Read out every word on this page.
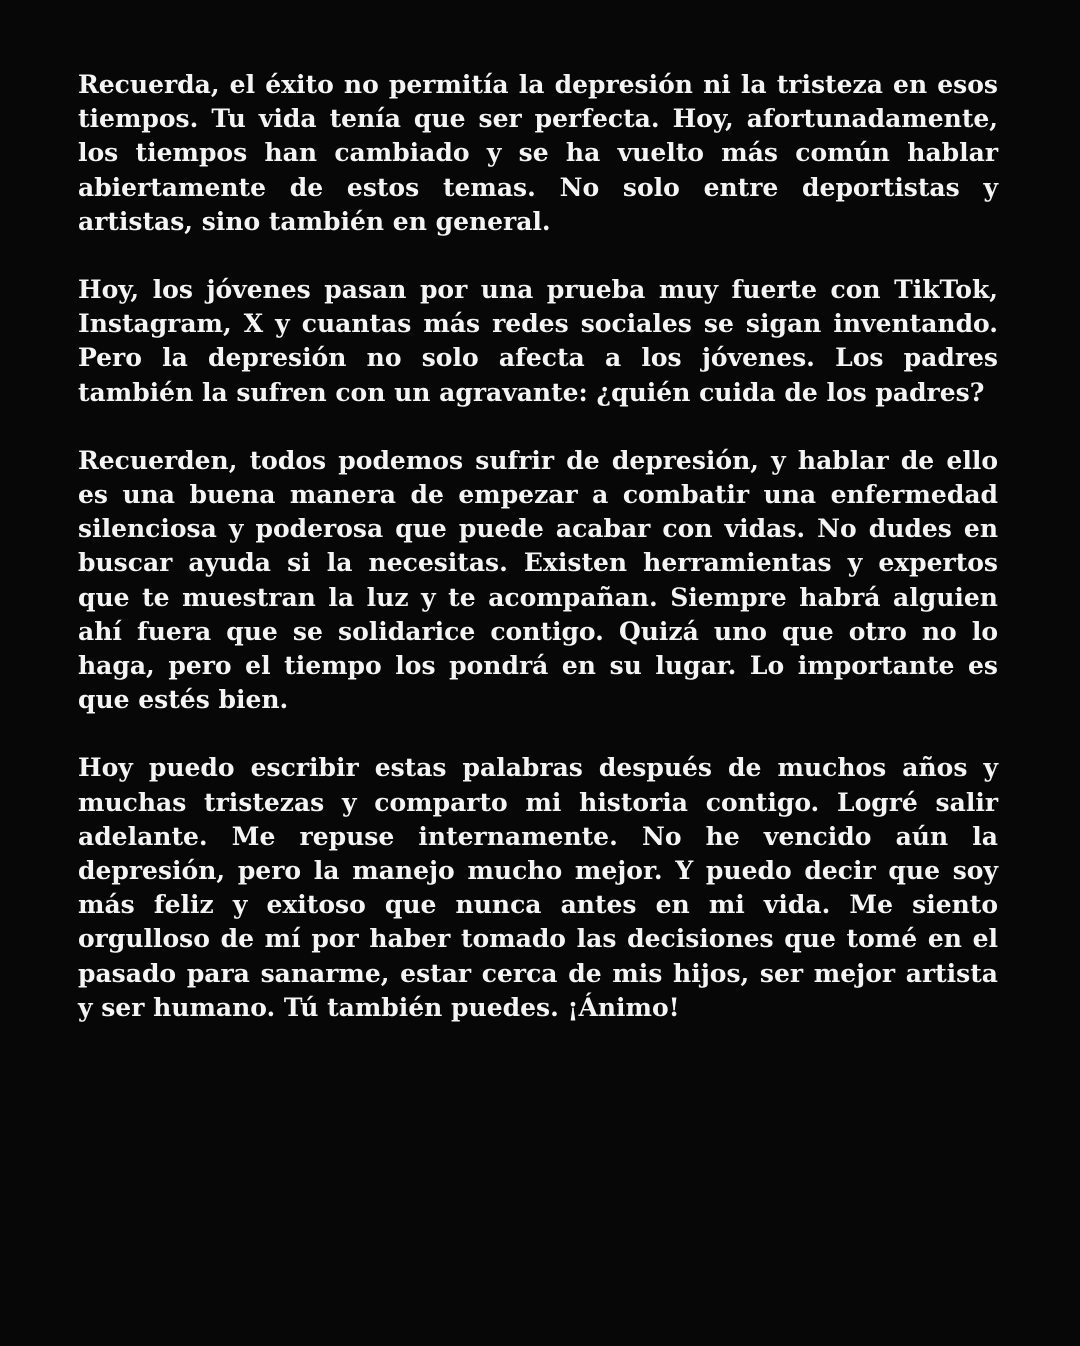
Recuerda, el éxito no permitía la depresión ni la tristeza en esos tiempos. Tu vida tenía que ser perfecta. Hoy, afortunadamente, los tiempos han cambiado y se ha vuelto más común hablar abiertamente de estos temas. No solo entre deportistas y artistas, sino también en general.

Hoy, los jóvenes pasan por una prueba muy fuerte con TikTok, Instagram, X y cuantas más redes sociales se sigan inventando. Pero la depresión no solo afecta a los jóvenes. Los padres también la sufren con un agravante: ¿quién cuida de los padres?

Recuerden, todos podemos sufrir de depresión, y hablar de ello es una buena manera de empezar a combatir una enfermedad silenciosa y poderosa que puede acabar con vidas. No dudes en buscar ayuda si la necesitas. Existen herramientas y expertos que te muestran la luz y te acompañan. Siempre habrá alguien ahí fuera que se solidarice contigo. Quizá uno que otro no lo haga, pero el tiempo los pondrá en su lugar. Lo importante es que estés bien.

Hoy puedo escribir estas palabras después de muchos años y muchas tristezas y comparto mi historia contigo. Logré salir adelante. Me repuse internamente. No he vencido aún la depresión, pero la manejo mucho mejor. Y puedo decir que soy más feliz y exitoso que nunca antes en mi vida. Me siento orgulloso de mí por haber tomado las decisiones que tomé en el pasado para sanarme, estar cerca de mis hijos, ser mejor artista y ser humano. Tú también puedes. ¡Ánimo!
